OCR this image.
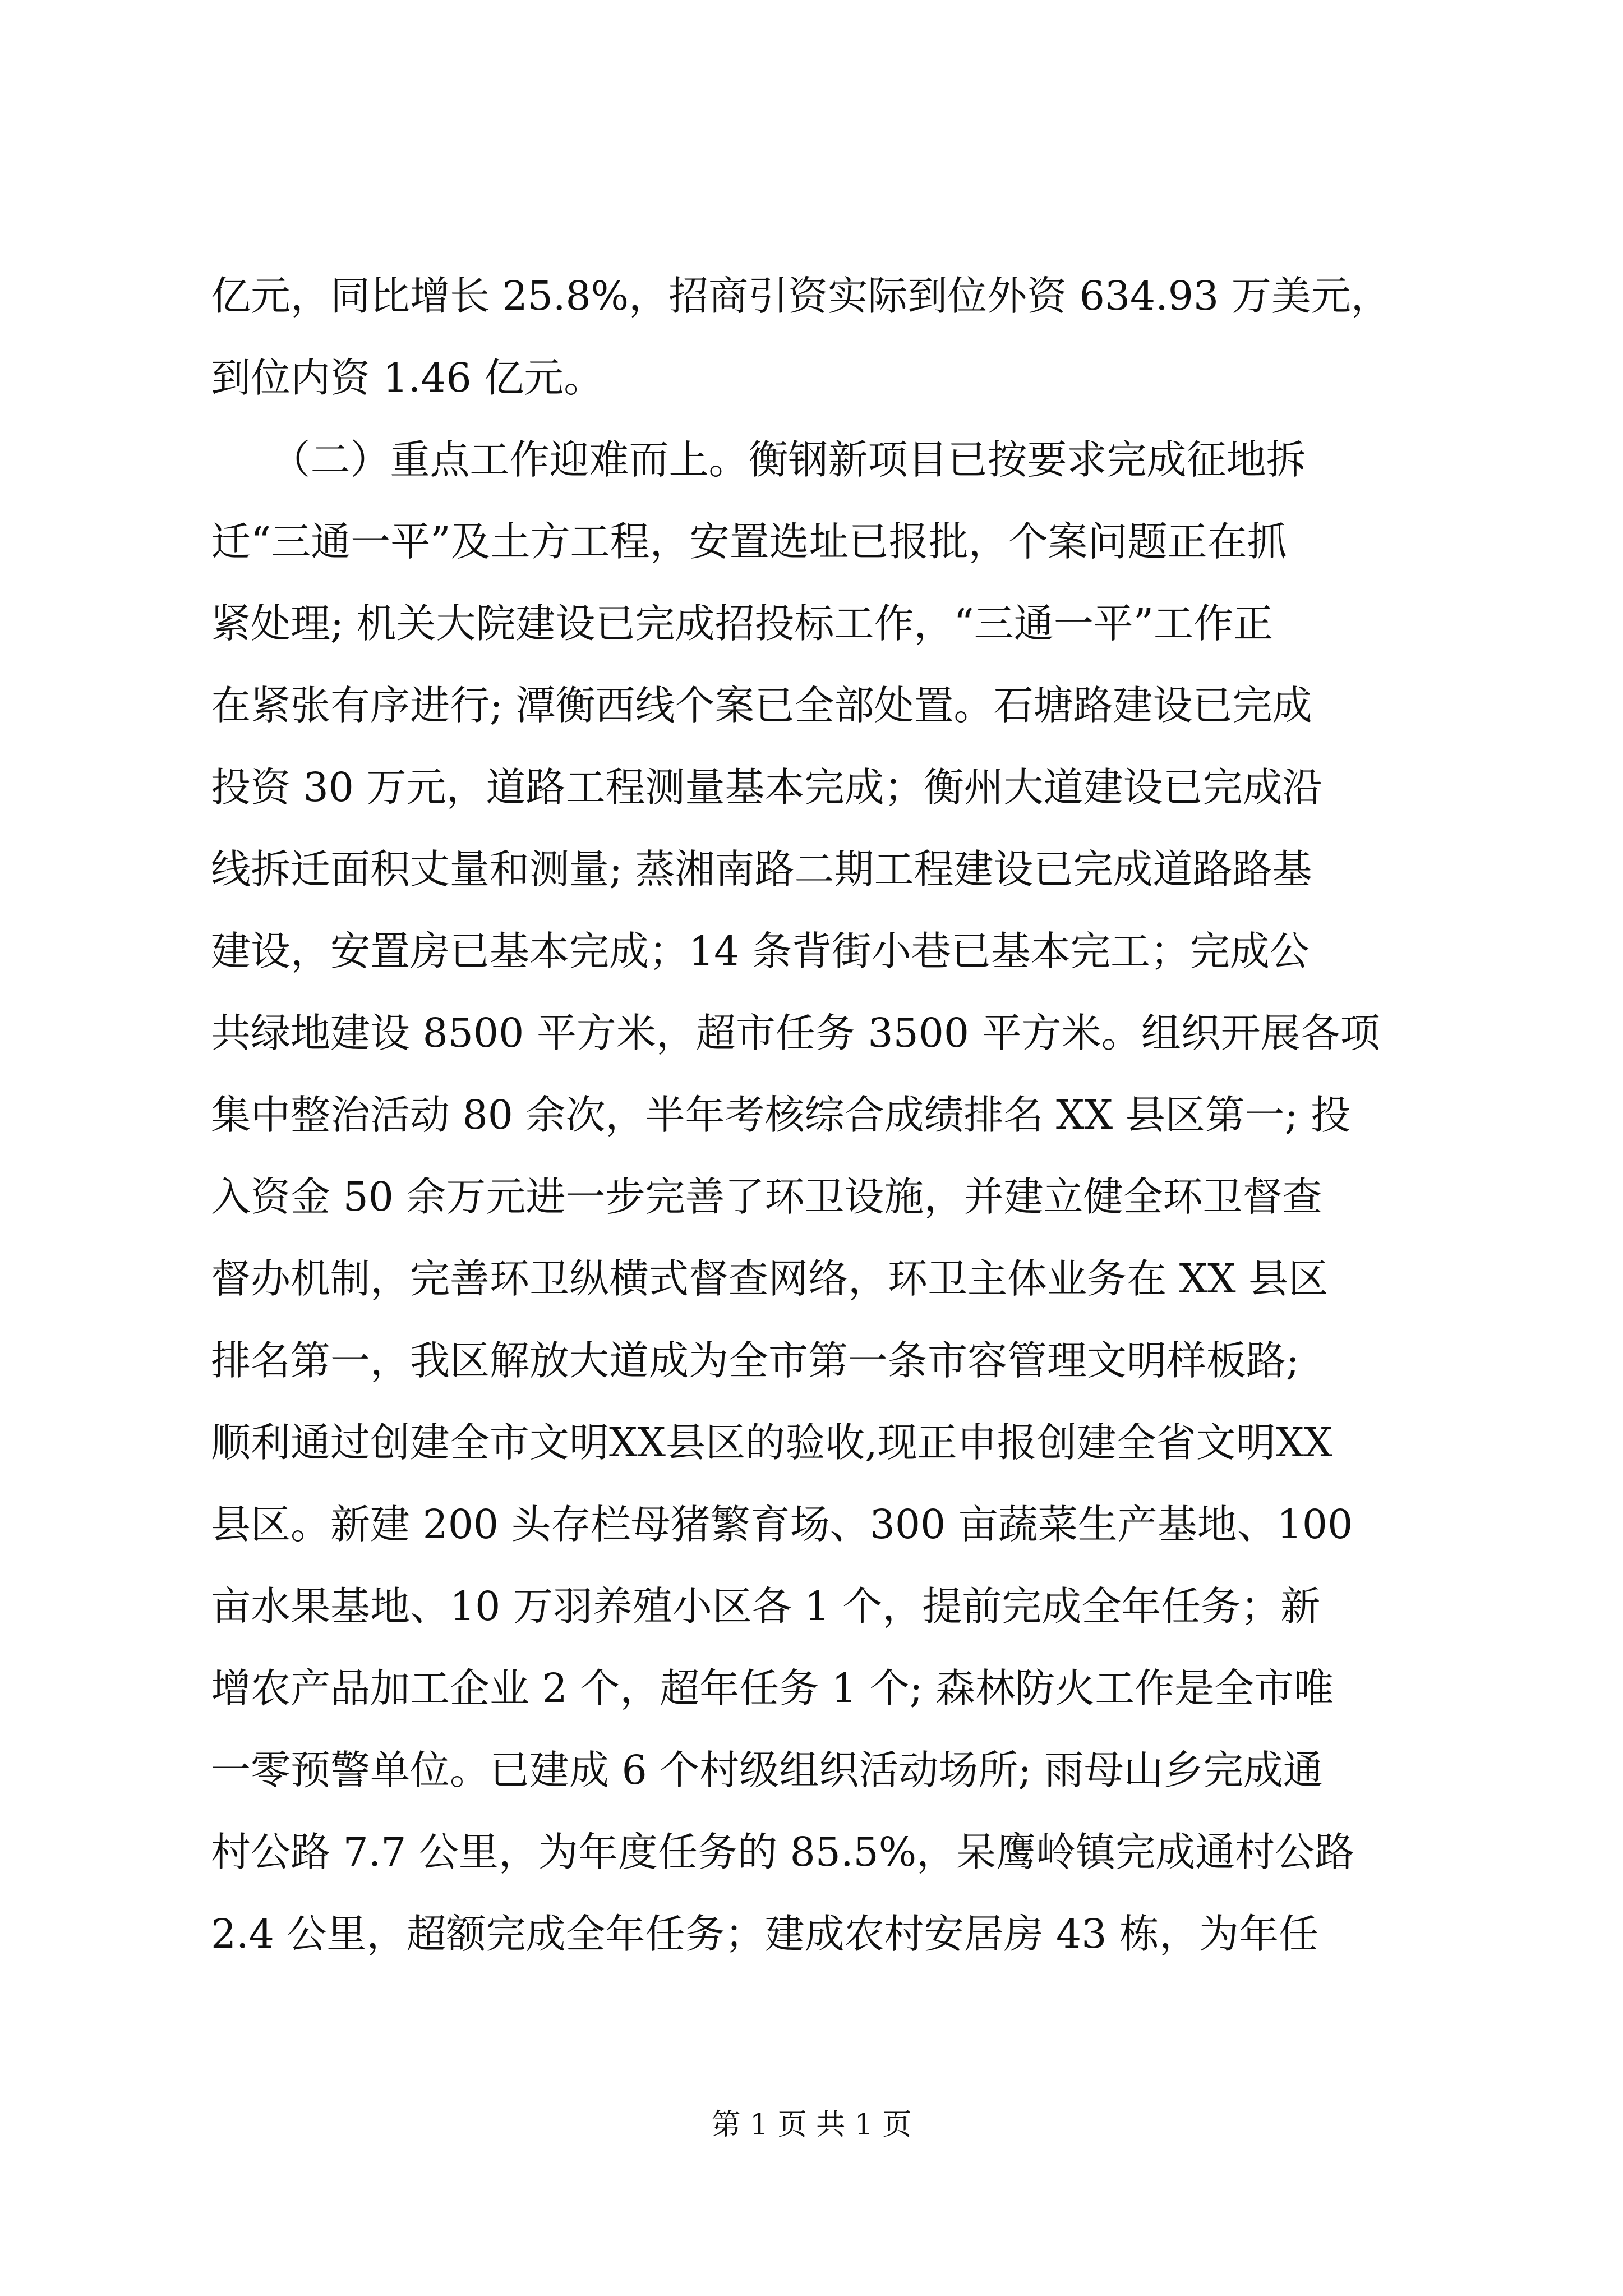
亿元，同比增长 25.8%，招商引资实际到位外资 634.93 万美元，
到位内资 1.46 亿元。
　　（二）重点工作迎难而上。衡钢新项目已按要求完成征地拆
迁“三通一平”及土方工程，安置选址已报批，个案问题正在抓
紧处理; 机关大院建设已完成招投标工作，“三通一平”工作正
在紧张有序进行; 潭衡西线个案已全部处置。石塘路建设已完成
投资 30 万元，道路工程测量基本完成；衡州大道建设已完成沿
线拆迁面积丈量和测量; 蒸湘南路二期工程建设已完成道路路基
建设，安置房已基本完成；14 条背街小巷已基本完工；完成公
共绿地建设 8500 平方米，超市任务 3500 平方米。组织开展各项
集中整治活动 80 余次，半年考核综合成绩排名 XX 县区第一; 投
入资金 50 余万元进一步完善了环卫设施，并建立健全环卫督查
督办机制，完善环卫纵横式督查网络，环卫主体业务在 XX 县区
排名第一，我区解放大道成为全市第一条市容管理文明样板路;
顺利通过创建全市文明XX县区的验收,现正申报创建全省文明XX
县区。新建 200 头存栏母猪繁育场、300 亩蔬菜生产基地、100
亩水果基地、10 万羽养殖小区各 1 个，提前完成全年任务；新
增农产品加工企业 2 个，超年任务 1 个; 森林防火工作是全市唯
一零预警单位。已建成 6 个村级组织活动场所; 雨母山乡完成通
村公路 7.7 公里，为年度任务的 85.5%，呆鹰岭镇完成通村公路
2.4 公里，超额完成全年任务；建成农村安居房 43 栋，为年任
第 1 页 共 1 页
